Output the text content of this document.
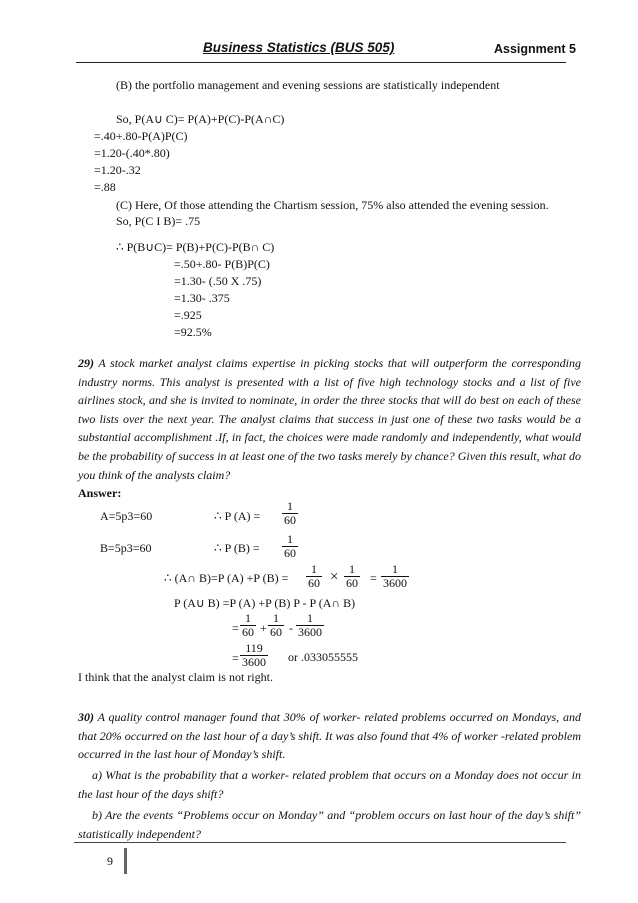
Business Statistics (BUS 505)	Assignment 5
(B) the portfolio management and evening sessions are statistically independent
So, P(A∪ C)= P(A)+P(C)-P(A∩C)
=.40+.80-P(A)P(C)
=1.20-(.40*.80)
=1.20-.32
=.88
(C) Here, Of those attending the Chartism session, 75% also attended the evening session.
So, P(C I B)= .75
∴ P(B∪C)= P(B)+P(C)-P(B∩ C)
=.50+.80- P(B)P(C)
=1.30- (.50 X .75)
=1.30- .375
=.925
=92.5%
29) A stock market analyst claims expertise in picking stocks that will outperform the corresponding industry norms. This analyst is presented with a list of five high technology stocks and a list of five airlines stock, and she is invited to nominate, in order the three stocks that will do best on each of these two lists over the next year. The analyst claims that success in just one of these two tasks would be a substantial accomplishment .If, in fact, the choices were made randomly and independently, what would be the probability of success in at least one of the two tasks merely by chance? Given this result, what do you think of the analysts claim?
Answer:
A=5p3=60	∴ P $(A) = \frac{1}{60}$
B=5p3=60	∴ P $(B) = \frac{1}{60}$
∴ (A∩ B)=P (A) +P $(B) = \frac{1}{60} \times \frac{1}{60} = \frac{1}{3600}$
P (A∪ B) =P (A) +P (B) P - P (A∩ B)
= $\frac{1}{60} + \frac{1}{60} - \frac{1}{3600}$
= $\frac{119}{3600}$ or .033055555
I think that the analyst claim is not right.
30) A quality control manager found that 30% of worker- related problems occurred on Mondays, and that 20% occurred on the last hour of a day’s shift. It was also found that 4% of worker -related problem occurred in the last hour of Monday’s shift.
a) What is the probability that a worker- related problem that occurs on a Monday does not occur in the last hour of the days shift?
b) Are the events “Problems occur on Monday” and “problem occurs on last hour of the day’s shift” statistically independent?
9
